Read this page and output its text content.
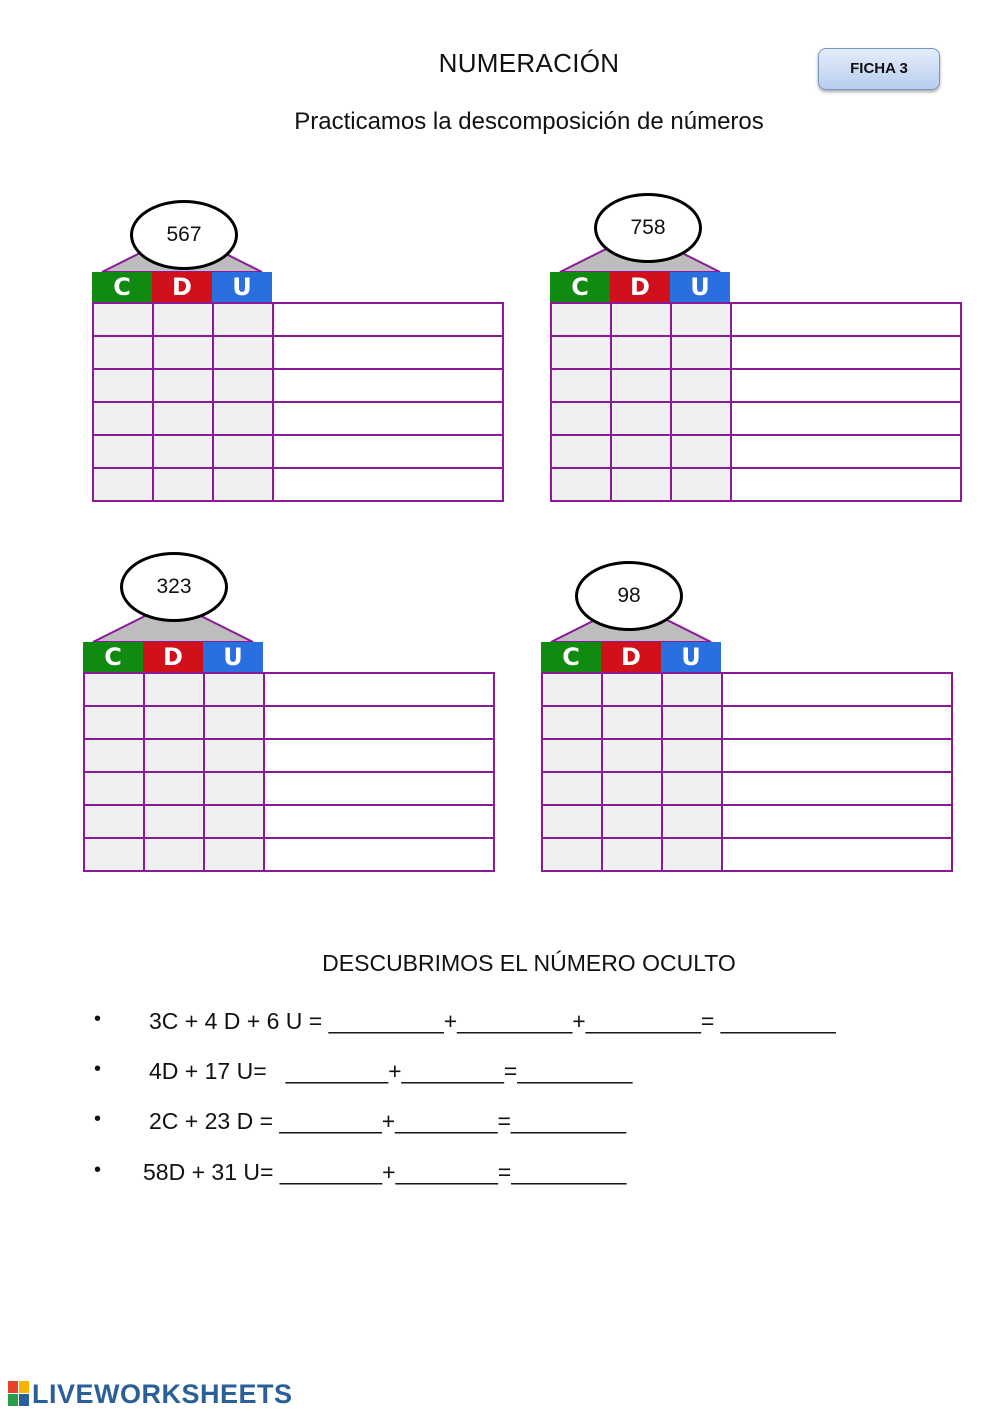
NUMERACIÓN
Practicamos la descomposición de números
FICHA 3
567
C	D	U
758
C	D	U
323
C	D	U
98
C	D	U
DESCUBRIMOS EL NÚMERO OCULTO

•

3C + 4 D + 6 U = _________+_________+_________= _________

•

4D + 17 U=   ________+________=_________

•

2C + 23 D = ________+________=_________

•

58D + 31 U= ________+________=_________

LIVEWORKSHEETS
